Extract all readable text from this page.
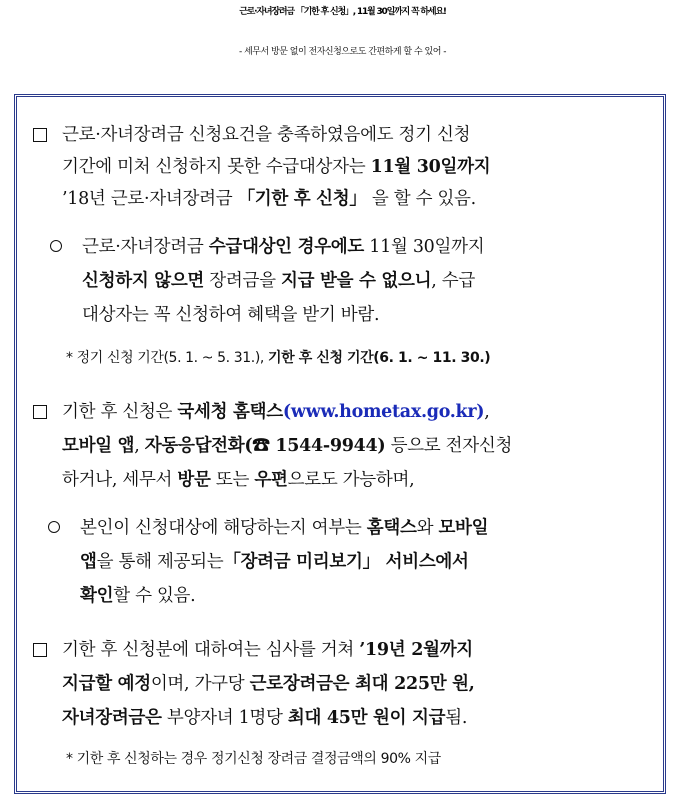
근로·자녀장려금 「기한 후 신청」, 11월 30일까지 꼭 하세요!
- 세무서 방문 없이 전자신청으로도 간편하게 할 수 있어 -
근로·자녀장려금 신청요건을 충족하였음에도 정기 신청
기간에 미처 신청하지 못한 수급대상자는 11월 30일까지
’18년 근로·자녀장려금 「기한 후 신청」 을 할 수 있음.
근로·자녀장려금 수급대상인 경우에도 11월 30일까지
신청하지 않으면 장려금을 지급 받을 수 없으니, 수급
대상자는 꼭 신청하여 혜택을 받기 바람.
* 정기 신청 기간(5. 1. ~ 5. 31.), 기한 후 신청 기간(6. 1. ~ 11. 30.)
기한 후 신청은 국세청 홈택스(www.hometax.go.kr),
모바일 앱, 자동응답전화(☎ 1544-9944) 등으로 전자신청
하거나, 세무서 방문 또는 우편으로도 가능하며,
본인이 신청대상에 해당하는지 여부는 홈택스와 모바일
앱을 통해 제공되는「장려금 미리보기」 서비스에서
확인할 수 있음.
기한 후 신청분에 대하여는 심사를 거쳐 ’19년 2월까지
지급할 예정이며, 가구당 근로장려금은 최대 225만 원,
자녀장려금은 부양자녀 1명당 최대 45만 원이 지급됨.
* 기한 후 신청하는 경우 정기신청 장려금 결정금액의 90% 지급
